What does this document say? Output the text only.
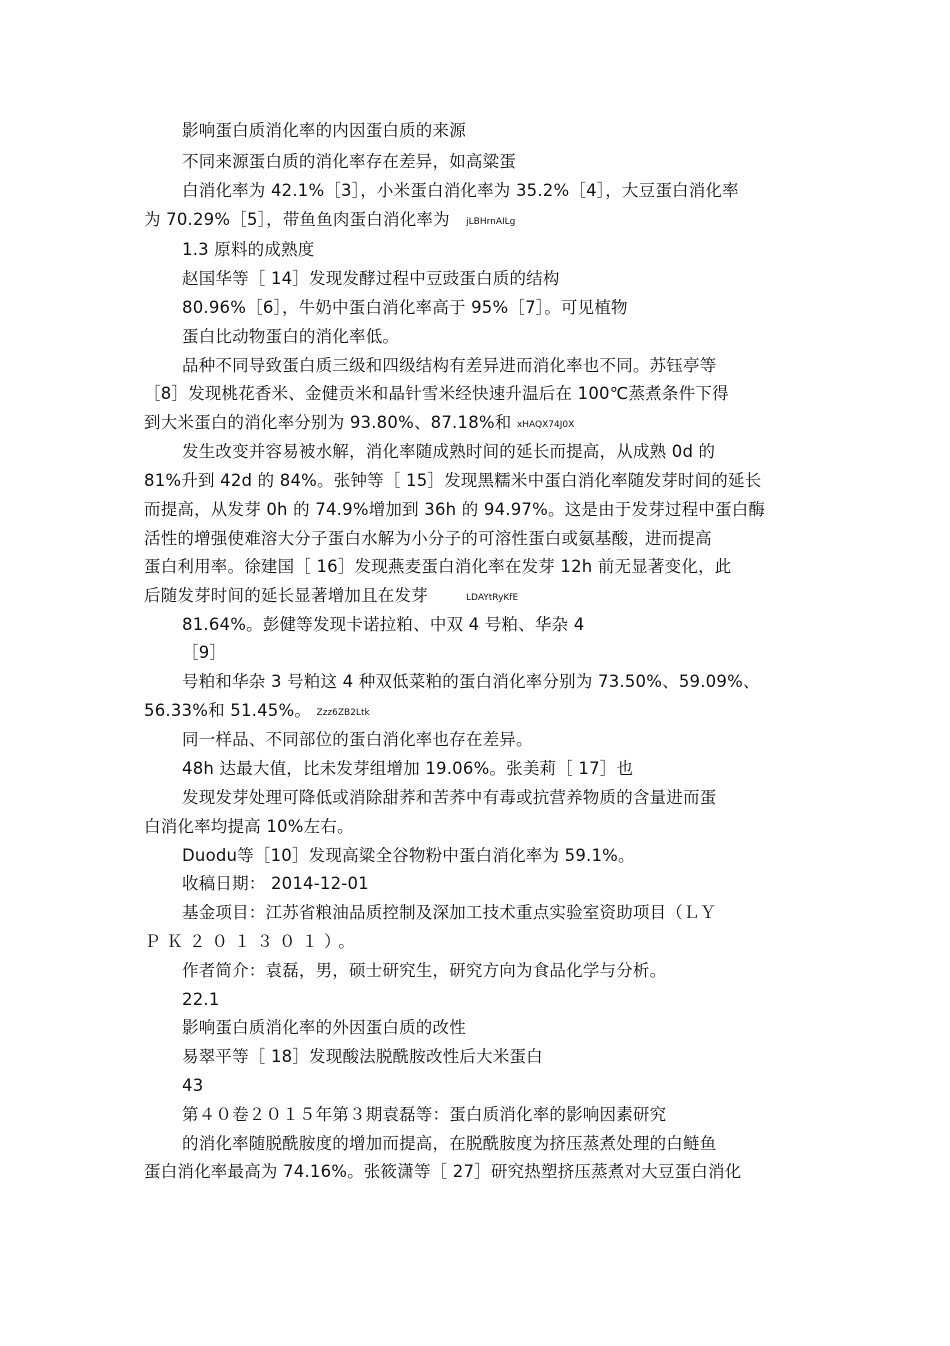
影响蛋白质消化率的内因蛋白质的来源
不同来源蛋白质的消化率存在差异，如高粱蛋
白消化率为 42.1%［3］，小米蛋白消化率为 35.2%［4］，大豆蛋白消化率
为 70.29%［5］，带鱼鱼肉蛋白消化率为 jLBHrnAILg
1.3 原料的成熟度
赵国华等［ 14］发现发酵过程中豆豉蛋白质的结构
80.96%［6］，牛奶中蛋白消化率高于 95%［7］。可见植物
蛋白比动物蛋白的消化率低。
品种不同导致蛋白质三级和四级结构有差异进而消化率也不同。苏钰亭等
［8］发现桃花香米、金健贡米和晶针雪米经快速升温后在 100℃蒸煮条件下得
到大米蛋白的消化率分别为 93.80%、87.18%和 xHAQX74J0X
发生改变并容易被水解，消化率随成熟时间的延长而提高，从成熟 0d 的
81%升到 42d 的 84%。张钟等［ 15］发现黑糯米中蛋白消化率随发芽时间的延长
而提高，从发芽 0h 的 74.9%增加到 36h 的 94.97%。这是由于发芽过程中蛋白酶
活性的增强使难溶大分子蛋白水解为小分子的可溶性蛋白或氨基酸，进而提高
蛋白利用率。徐建国［ 16］发现燕麦蛋白消化率在发芽 12h 前无显著变化，此
后随发芽时间的延长显著增加且在发芽	LDAYtRyKfE
81.64%。彭健等发现卡诺拉粕、中双 4 号粕、华杂 4
［9］
号粕和华杂 3 号粕这 4 种双低菜粕的蛋白消化率分别为 73.50%、59.09%、
56.33%和 51.45%。 Zzz6ZB2Ltk
同一样品、不同部位的蛋白消化率也存在差异。
48h 达最大值，比未发芽组增加 19.06%。张美莉［ 17］也
发现发芽处理可降低或消除甜荞和苦荞中有毒或抗营养物质的含量进而蛋
白消化率均提高 10%左右。
Duodu等［10］发现高粱全谷物粉中蛋白消化率为 59.1%。
收稿日期： 2014-12-01
基金项目：江苏省粮油品质控制及深加工技术重点实验室资助项目（ＬＹ
ＰＫ２０１３０１）。
作者简介：袁磊，男，硕士研究生，研究方向为食品化学与分析。
22.1
影响蛋白质消化率的外因蛋白质的改性
易翠平等［ 18］发现酸法脱酰胺改性后大米蛋白
43
第４０卷２０１５年第３期袁磊等：蛋白质消化率的影响因素研究
的消化率随脱酰胺度的增加而提高，在脱酰胺度为挤压蒸煮处理的白鲢鱼
蛋白消化率最高为 74.16%。张筱潇等［ 27］研究热塑挤压蒸煮对大豆蛋白消化
